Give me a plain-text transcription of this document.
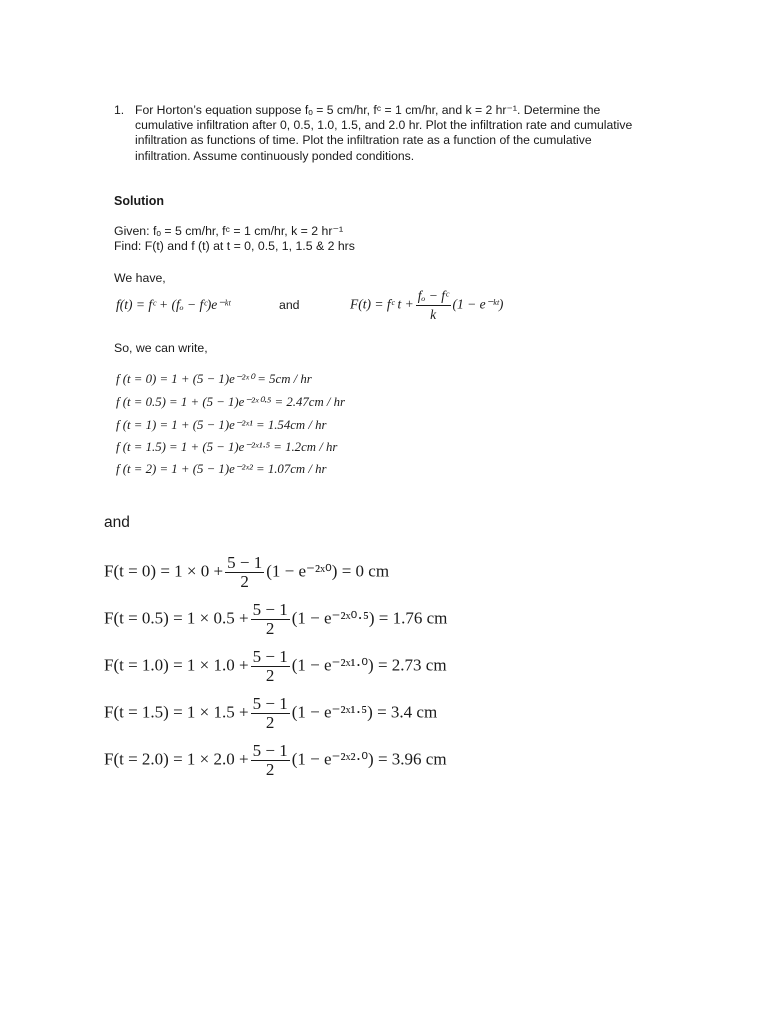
1. For Horton’s equation suppose fₒ = 5 cm/hr, fᶜ = 1 cm/hr, and k = 2 hr⁻¹. Determine the
cumulative infiltration after 0, 0.5, 1.0, 1.5, and 2.0 hr. Plot the infiltration rate and cumulative
infiltration as functions of time. Plot the infiltration rate as a function of the cumulative
infiltration. Assume continuously ponded conditions.
Solution
Given: fₒ = 5 cm/hr, fᶜ = 1 cm/hr, k = 2 hr⁻¹
Find: F(t) and f (t) at t = 0, 0.5, 1, 1.5 & 2 hrs
We have,
f(t) = fᶜ + (fₒ − fᶜ)e⁻ᵏᵗ	and	F(t) = fᶜ $t + \frac{\text{fₒ − fᶜ}}{k} (1$ − e⁻ᵏᵗ)
So, we can write,
f (t = 0) = 1 + (5 − 1)e⁻²ˣ⁰ = 5cm / hr
f (t = 0.5) = 1 + (5 − 1)e⁻²ˣ⁰·⁵ = 2.47cm / hr
f (t = 1) = 1 + (5 − 1)e⁻²ˣ¹ = 1.54cm / hr
f (t = 1.5) = 1 + (5 − 1)e⁻²ˣ¹·⁵ = 1.2cm / hr
f (t = 2) = 1 + (5 − 1)e⁻²ˣ² = 1.07cm / hr
and
$F(t = 0) = 1 \times 0 + \frac{5 - 1}{2} (1$ − e⁻²ˣ⁰) = 0 cm
$F(t = 0.5) = 1 \times 0.5 + \frac{5 - 1}{2} (1$ − e⁻²ˣ⁰·⁵) = 1.76 cm
$F(t = 1.0) = 1 \times 1.0 + \frac{5 - 1}{2} (1$ − e⁻²ˣ¹·⁰) = 2.73 cm
$F(t = 1.5) = 1 \times 1.5 + \frac{5 - 1}{2} (1$ − e⁻²ˣ¹·⁵) = 3.4 cm
$F(t = 2.0) = 1 \times 2.0 + \frac{5 - 1}{2} (1$ − e⁻²ˣ²·⁰) = 3.96 cm
